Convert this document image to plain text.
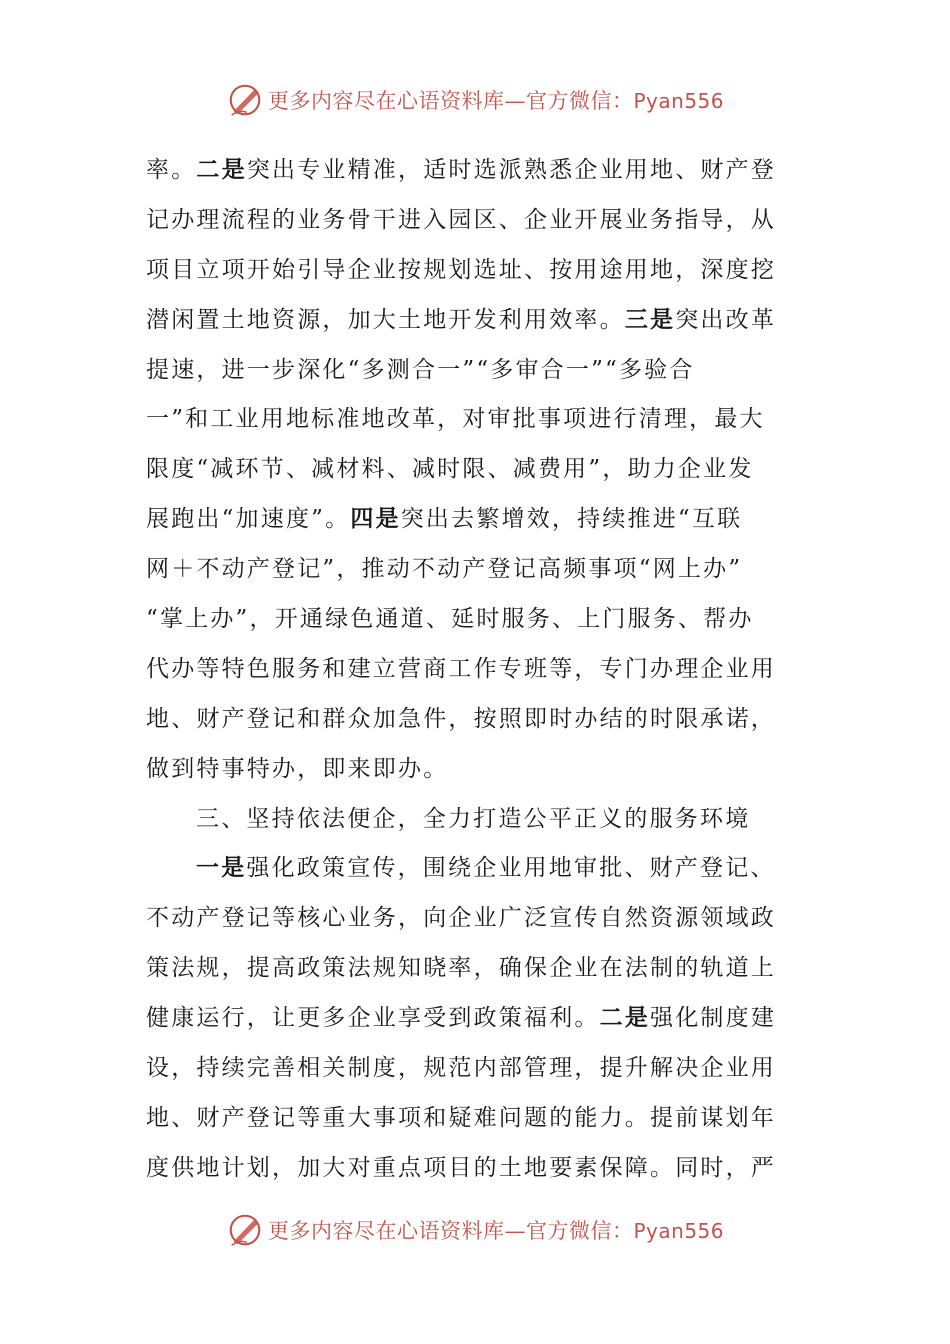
更多内容尽在心语资料库—官方微信：Pyan556
率。二是突出专业精准，适时选派熟悉企业用地、财产登
记办理流程的业务骨干进入园区、企业开展业务指导，从
项目立项开始引导企业按规划选址、按用途用地，深度挖
潜闲置土地资源，加大土地开发利用效率。三是突出改革
提速，进一步深化“多测合一”“多审合一”“多验合
一”和工业用地标准地改革，对审批事项进行清理，最大
限度“减环节、减材料、减时限、减费用”，助力企业发
展跑出“加速度”。四是突出去繁增效，持续推进“互联
网＋不动产登记”，推动不动产登记高频事项“网上办”
“掌上办”，开通绿色通道、延时服务、上门服务、帮办
代办等特色服务和建立营商工作专班等，专门办理企业用
地、财产登记和群众加急件，按照即时办结的时限承诺，
做到特事特办，即来即办。
三、坚持依法便企，全力打造公平正义的服务环境
一是强化政策宣传，围绕企业用地审批、财产登记、
不动产登记等核心业务，向企业广泛宣传自然资源领域政
策法规，提高政策法规知晓率，确保企业在法制的轨道上
健康运行，让更多企业享受到政策福利。二是强化制度建
设，持续完善相关制度，规范内部管理，提升解决企业用
地、财产登记等重大事项和疑难问题的能力。提前谋划年
度供地计划，加大对重点项目的土地要素保障。同时，严
更多内容尽在心语资料库—官方微信：Pyan556
